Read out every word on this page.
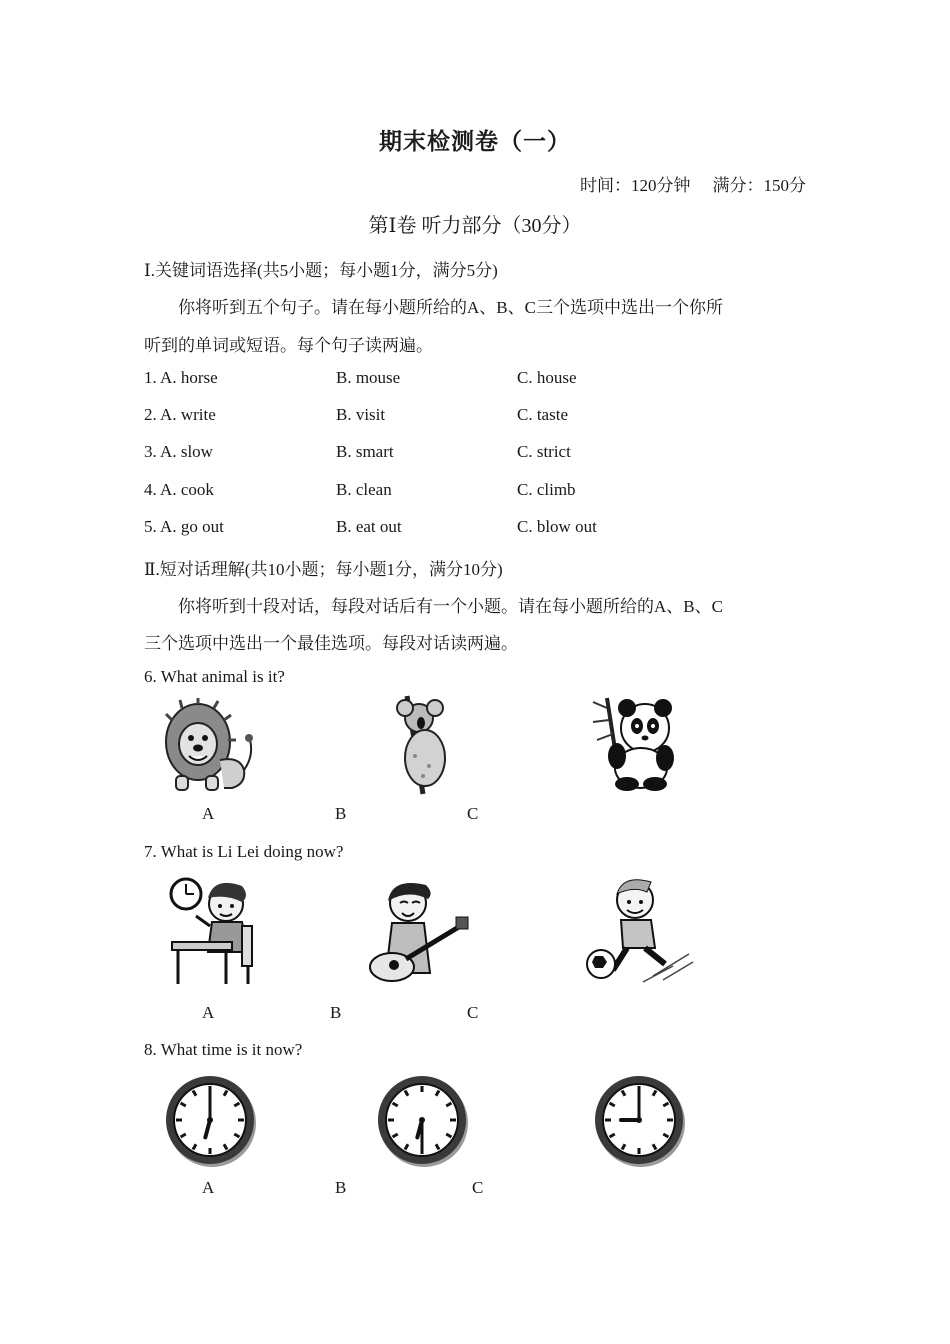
期末检测卷（一）
时间：120分钟 满分：150分
第Ⅰ卷 听力部分（30分）
Ⅰ.关键词语选择(共5小题；每小题1分，满分5分)
你将听到五个句子。请在每小题所给的A、B、C三个选项中选出一个你所
听到的单词或短语。每个句子读两遍。
1. A. horse	B. mouse	C. house
2. A. write	B. visit	C. taste
3. A. slow	B. smart	C. strict
4. A. cook	B. clean	C. climb
5. A. go out	B. eat out	C. blow out
Ⅱ.短对话理解(共10小题；每小题1分，满分10分)
你将听到十段对话，每段对话后有一个小题。请在每小题所给的A、B、C
三个选项中选出一个最佳选项。每段对话读两遍。
6. What animal is it?
A	B	C
7. What is Li Lei doing now?
A	B	C
8. What time is it now?
A	B	C
